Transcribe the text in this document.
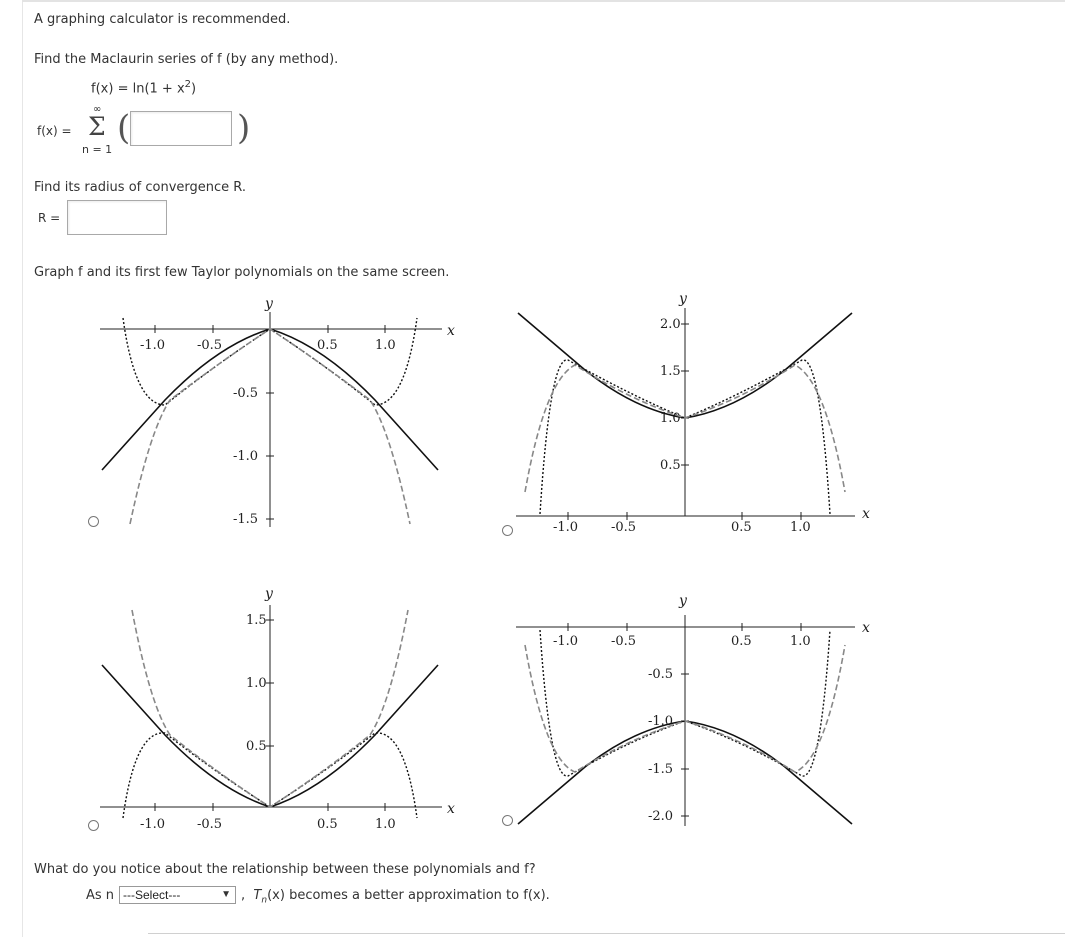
A graphing calculator is recommended.
Find the Maclaurin series of f (by any method).
$f(x) = \ln(1 + x^2)$
f(x) =
∞
Σ
n = 1
(	)
Find its radius of convergence R.
R =
Graph f and its first few Taylor polynomials on the same screen.
-1.0 -0.5	0.5	1.0
-0.5
-1.0
-1.5
x
y
-1.0	-0.5	0.5	1.0
2.0
1.5
1.0
0.5
x
y
-1.0 -0.5	0.5	1.0
1.5
1.0
0.5
x
y
-1.0	-0.5	0.5	1.0
-0.5
-1.0
-1.5
-2.0
x
y
What do you notice about the relationship between these polynomials and f?
As n ---Select---	▼ , $T_n(x)$ becomes a better approximation to f(x).
